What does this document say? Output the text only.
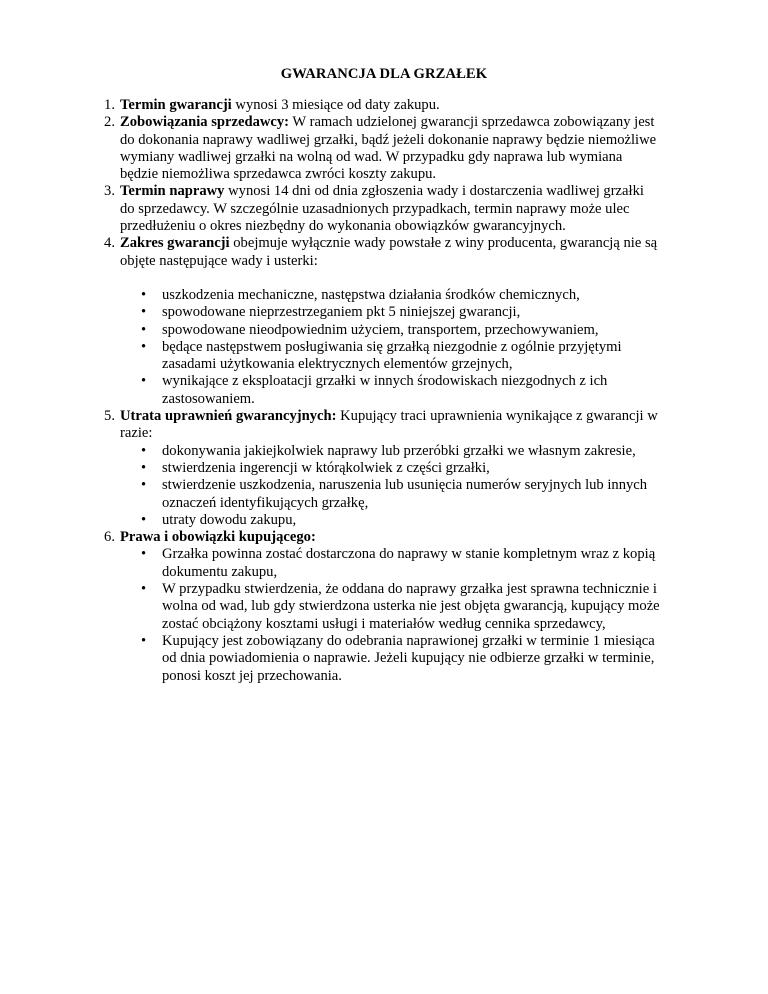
GWARANCJA DLA GRZAŁEK
1. Termin gwarancji wynosi 3 miesiące od daty zakupu.
2. Zobowiązania sprzedawcy: W ramach udzielonej gwarancji sprzedawca zobowiązany jest do dokonania naprawy wadliwej grzałki, bądź jeżeli dokonanie naprawy będzie niemożliwe wymiany wadliwej grzałki na wolną od wad. W przypadku gdy naprawa lub wymiana będzie niemożliwa sprzedawca zwróci koszty zakupu.
3. Termin naprawy wynosi 14 dni od dnia zgłoszenia wady i dostarczenia wadliwej grzałki do sprzedawcy. W szczególnie uzasadnionych przypadkach, termin naprawy może ulec przedłużeniu o okres niezbędny do wykonania obowiązków gwarancyjnych.
4. Zakres gwarancji obejmuje wyłącznie wady powstałe z winy producenta, gwarancją nie są objęte następujące wady i usterki:
• uszkodzenia mechaniczne, następstwa działania środków chemicznych,
• spowodowane nieprzestrzeganiem pkt 5 niniejszej gwarancji,
• spowodowane nieodpowiednim użyciem, transportem, przechowywaniem,
• będące następstwem posługiwania się grzałką niezgodnie z ogólnie przyjętymi zasadami użytkowania elektrycznych elementów grzejnych,
• wynikające z eksploatacji grzałki w innych środowiskach niezgodnych z ich zastosowaniem.
5. Utrata uprawnień gwarancyjnych: Kupujący traci uprawnienia wynikające z gwarancji w razie:
• dokonywania jakiejkolwiek naprawy lub przeróbki grzałki we własnym zakresie,
• stwierdzenia ingerencji w którąkolwiek z części grzałki,
• stwierdzenie uszkodzenia, naruszenia lub usunięcia numerów seryjnych lub innych oznaczeń identyfikujących grzałkę,
• utraty dowodu zakupu,
6. Prawa i obowiązki kupującego:
• Grzałka powinna zostać dostarczona do naprawy w stanie kompletnym wraz z kopią dokumentu zakupu,
• W przypadku stwierdzenia, że oddana do naprawy grzałka jest sprawna technicznie i wolna od wad, lub gdy stwierdzona usterka nie jest objęta gwarancją, kupujący może zostać obciążony kosztami usługi i materiałów według cennika sprzedawcy,
• Kupujący jest zobowiązany do odebrania naprawionej grzałki w terminie 1 miesiąca od dnia powiadomienia o naprawie. Jeżeli kupujący nie odbierze grzałki w terminie, ponosi koszt jej przechowania.
